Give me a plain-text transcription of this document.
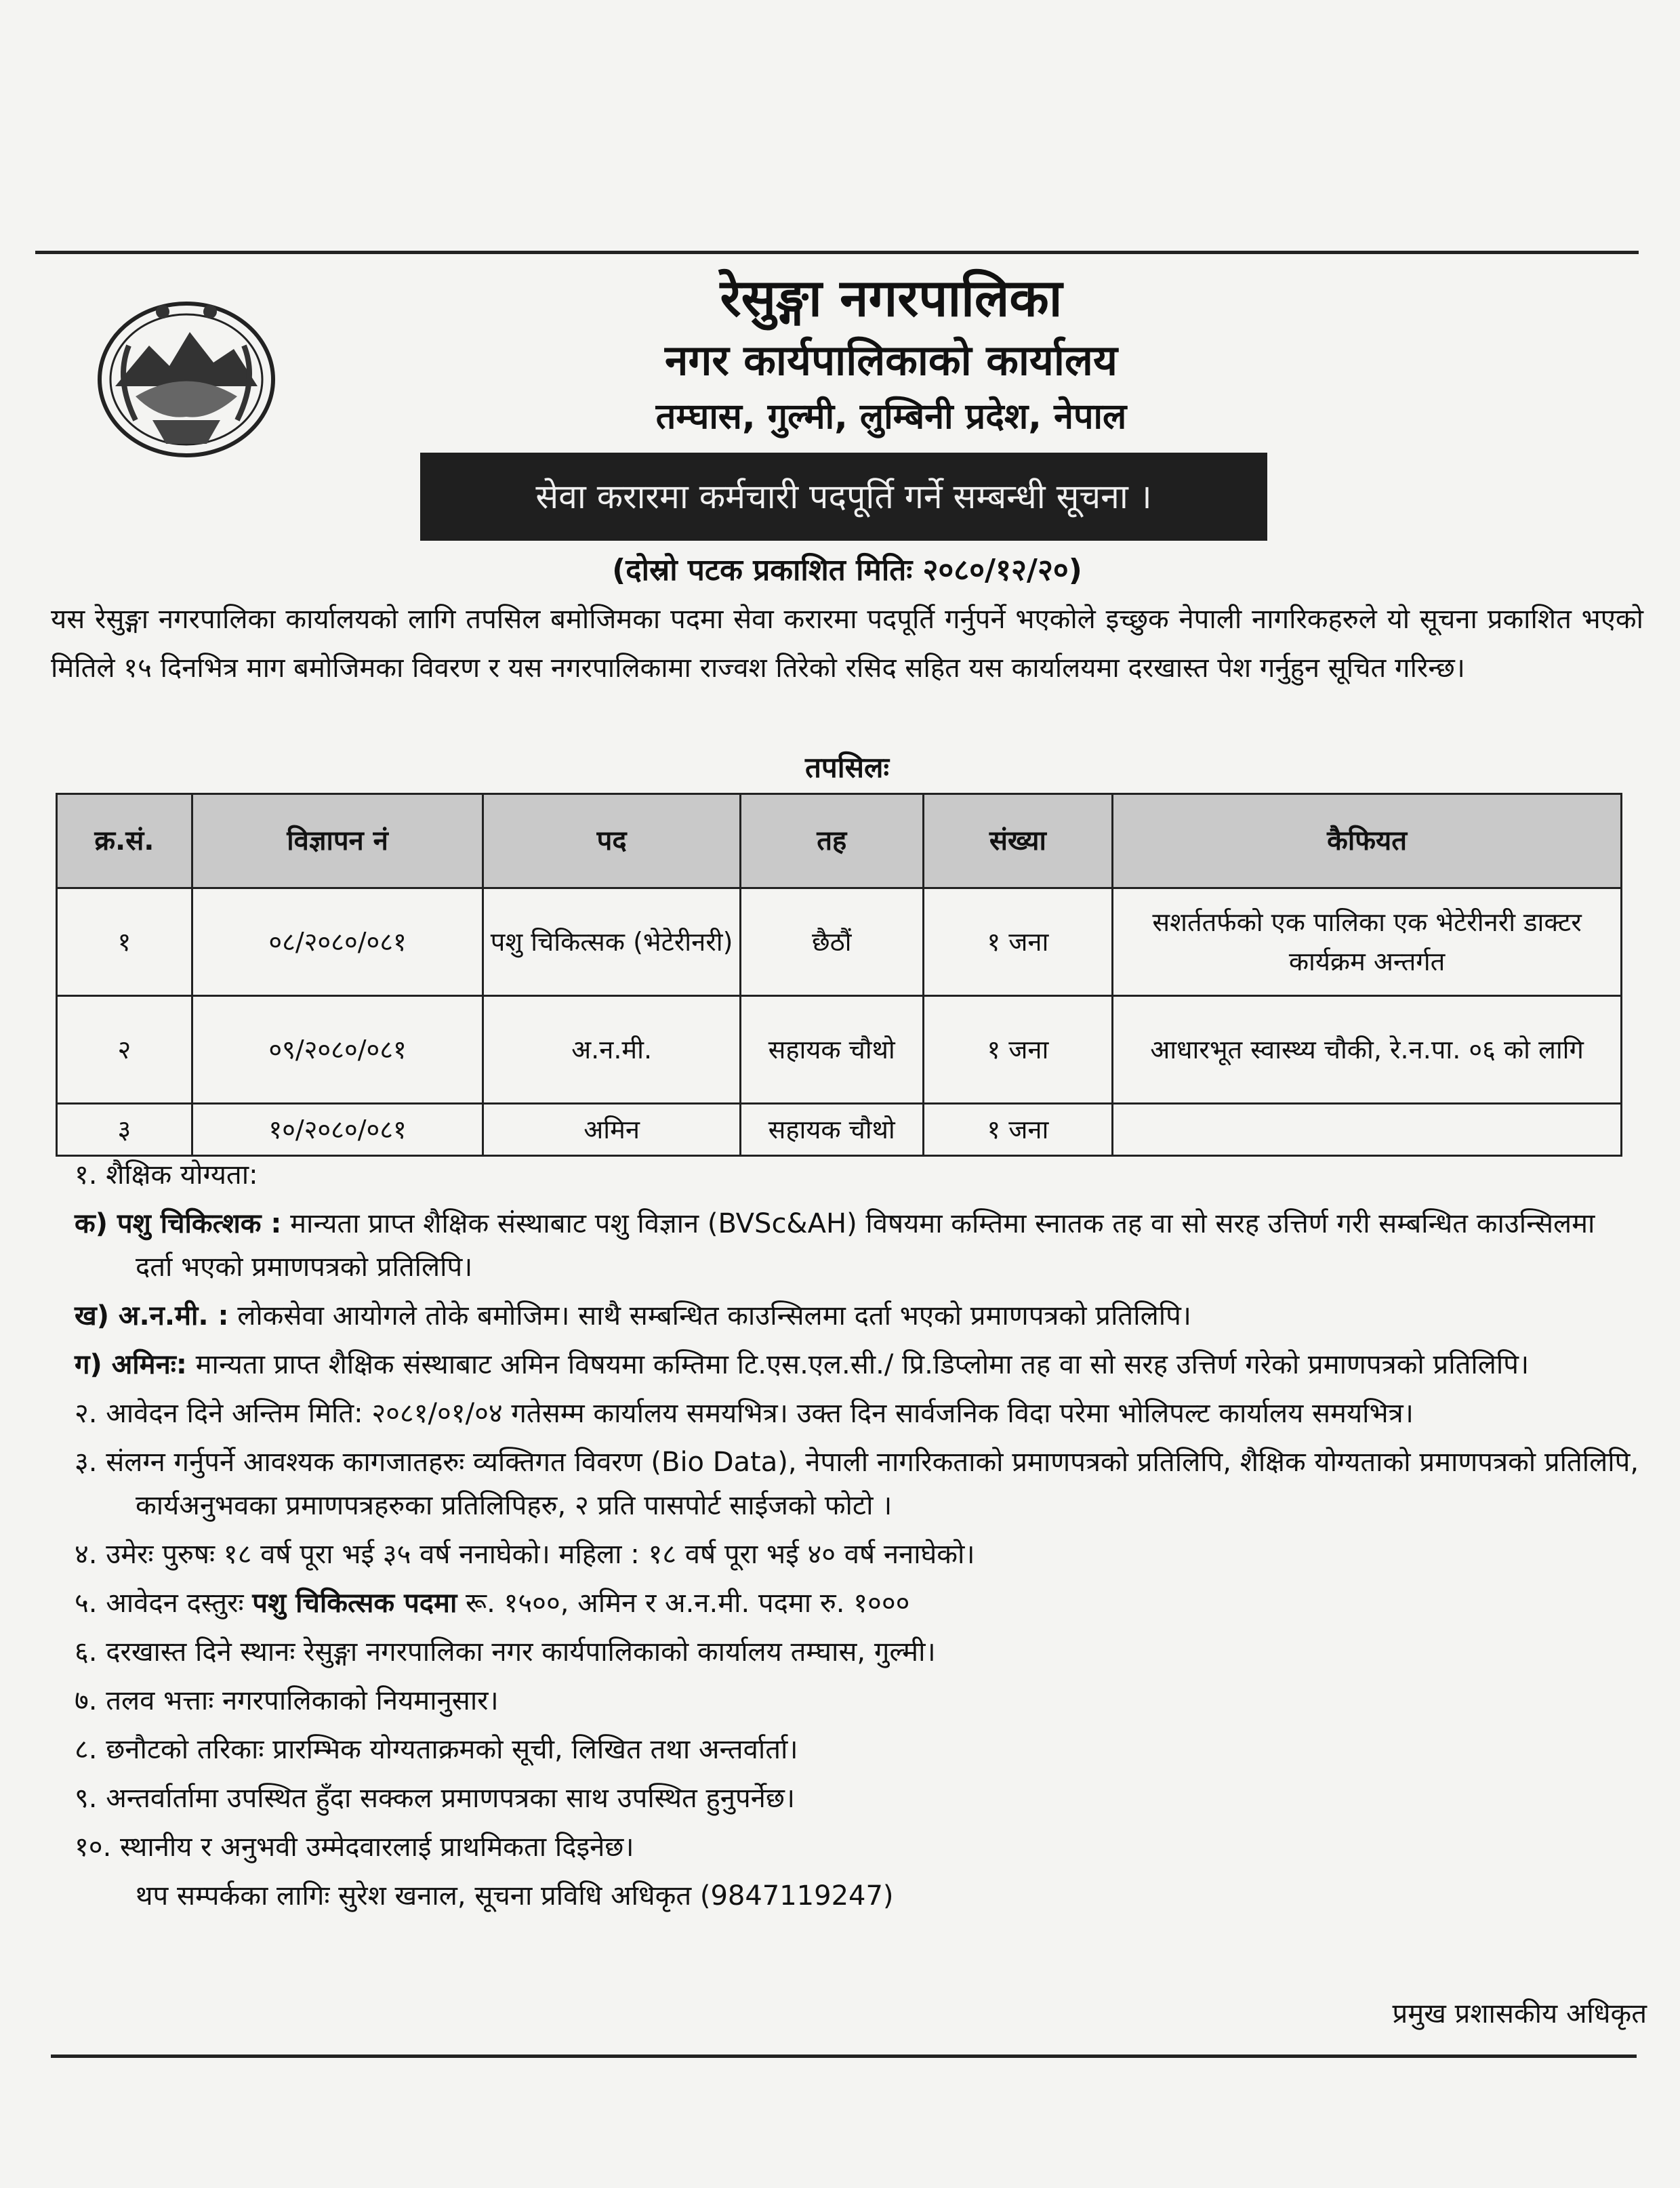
रेसुङ्गा नगरपालिका
नगर कार्यपालिकाको कार्यालय
तम्घास, गुल्मी, लुम्बिनी प्रदेश, नेपाल
सेवा करारमा कर्मचारी पदपूर्ति गर्ने सम्बन्धी सूचना ।
(दोस्रो पटक प्रकाशित मितिः २०८०/१२/२०)

यस रेसुङ्गा नगरपालिका कार्यालयको लागि तपसिल बमोजिमका पदमा सेवा करारमा पदपूर्ति गर्नुपर्ने भएकोले इच्छुक नेपाली नागरिकहरुले यो सूचना प्रकाशित भएको मितिले १५ दिनभित्र माग बमोजिमका विवरण र यस नगरपालिकामा राज्वश तिरेको रसिद सहित यस कार्यालयमा दरखास्त पेश गर्नुहुन सूचित गरिन्छ।

तपसिलः
क्र.सं.	विज्ञापन नं	पद	तह	संख्या	कैफियत
१	०८/२०८०/०८१	पशु चिकित्सक (भेटेरीनरी)	छैठौं	१ जना	सशर्ततर्फको एक पालिका एक भेटेरीनरी डाक्टर कार्यक्रम अन्तर्गत
२	०९/२०८०/०८१	अ.न.मी.	सहायक चौथो	१ जना	आधारभूत स्वास्थ्य चौकी, रे.न.पा. ०६ को लागि
३	१०/२०८०/०८१	अमिन	सहायक चौथो	१ जना	

१. शैक्षिक योग्यता:

क) पशु चिकित्शक : मान्यता प्राप्त शैक्षिक संस्थाबाट पशु विज्ञान (BVSc&AH) विषयमा कम्तिमा स्नातक तह वा सो सरह उत्तिर्ण गरी सम्बन्धित काउन्सिलमा दर्ता भएको प्रमाणपत्रको प्रतिलिपि।

ख) अ.न.मी. : लोकसेवा आयोगले तोके बमोजिम। साथै सम्बन्धित काउन्सिलमा दर्ता भएको प्रमाणपत्रको प्रतिलिपि।

ग) अमिनः: मान्यता प्राप्त शैक्षिक संस्थाबाट अमिन विषयमा कम्तिमा टि.एस.एल.सी./ प्रि.डिप्लोमा तह वा सो सरह उत्तिर्ण गरेको प्रमाणपत्रको प्रतिलिपि।

२. आवेदन दिने अन्तिम मिति: २०८१/०१/०४ गतेसम्म कार्यालय समयभित्र। उक्त दिन सार्वजनिक विदा परेमा भोलिपल्ट कार्यालय समयभित्र।

३. संलग्न गर्नुपर्ने आवश्यक कागजातहरुः व्यक्तिगत विवरण (Bio Data), नेपाली नागरिकताको प्रमाणपत्रको प्रतिलिपि, शैक्षिक योग्यताको प्रमाणपत्रको प्रतिलिपि, कार्यअनुभवका प्रमाणपत्रहरुका प्रतिलिपिहरु, २ प्रति पासपोर्ट साईजको फोटो ।

४. उमेरः पुरुषः १८ वर्ष पूरा भई ३५ वर्ष ननाघेको। महिला : १८ वर्ष पूरा भई ४० वर्ष ननाघेको।

५. आवेदन दस्तुरः पशु चिकित्सक पदमा रू. १५००, अमिन र अ.न.मी. पदमा रु. १०००

६. दरखास्त दिने स्थानः रेसुङ्गा नगरपालिका नगर कार्यपालिकाको कार्यालय तम्घास, गुल्मी।

७. तलव भत्ताः नगरपालिकाको नियमानुसार।

८. छनौटको तरिकाः प्रारम्भिक योग्यताक्रमको सूची, लिखित तथा अन्तर्वार्ता।

९. अन्तर्वार्तामा उपस्थित हुँदा सक्कल प्रमाणपत्रका साथ उपस्थित हुनुपर्नेछ।

१०. स्थानीय र अनुभवी उम्मेदवारलाई प्राथमिकता दिइनेछ।

थप सम्पर्कका लागिः सुरेश खनाल, सूचना प्रविधि अधिकृत (9847119247)

प्रमुख प्रशासकीय अधिकृत
